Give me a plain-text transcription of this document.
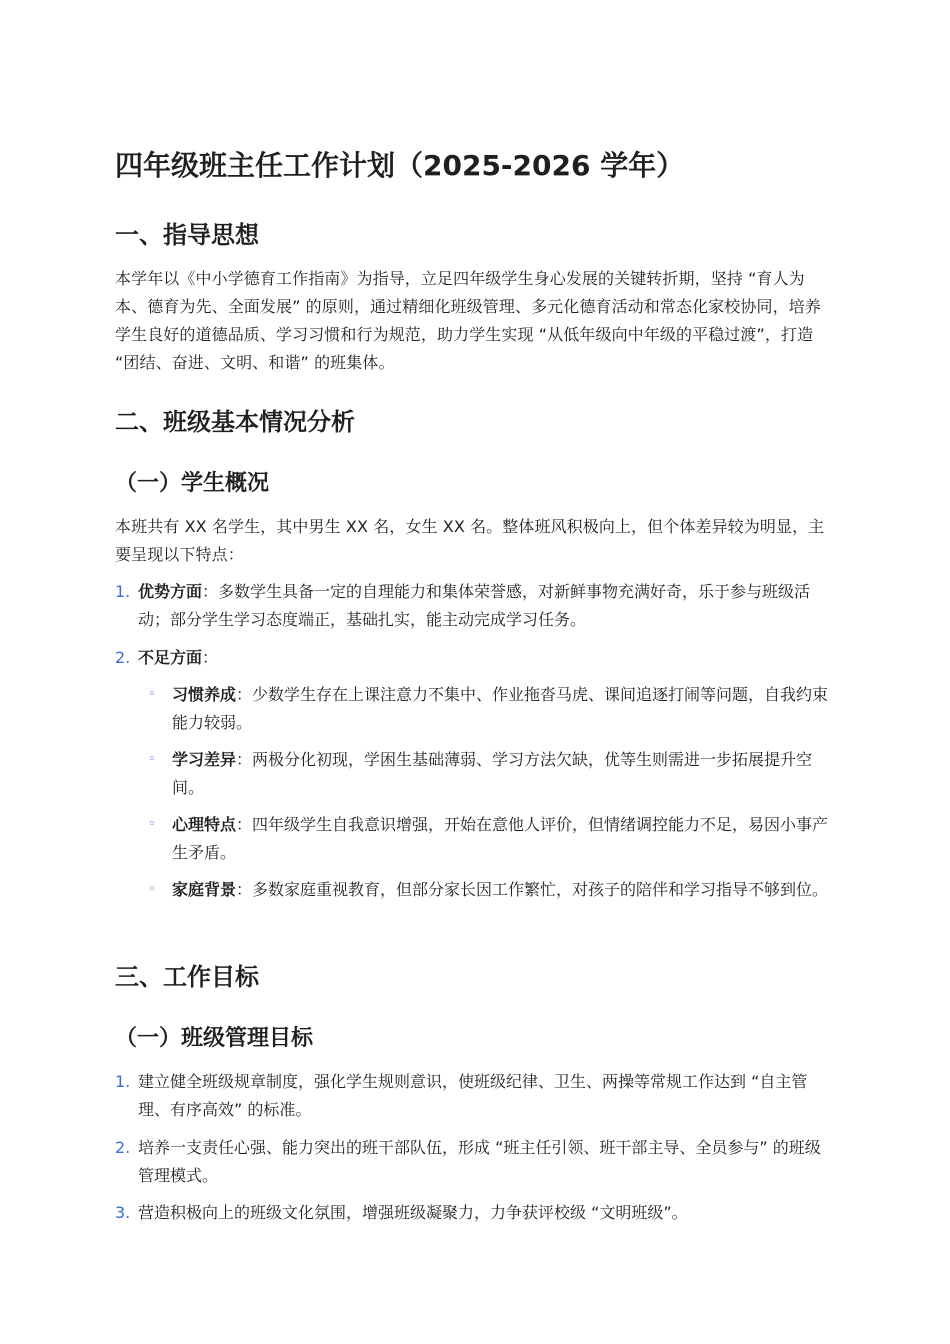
四年级班主任工作计划（2025-2026 学年）
一、指导思想

本学年以《中小学德育工作指南》为指导，立足四年级学生身心发展的关键转折期，坚持 “育人为本、德育为先、全面发展” 的原则，通过精细化班级管理、多元化德育活动和常态化家校协同，培养学生良好的道德品质、学习习惯和行为规范，助力学生实现 “从低年级向中年级的平稳过渡”，打造 “团结、奋进、文明、和谐” 的班集体。

二、班级基本情况分析
（一）学生概况

本班共有 XX 名学生，其中男生 XX 名，女生 XX 名。整体班风积极向上，但个体差异较为明显，主要呈现以下特点：

1. 优势方面：多数学生具备一定的自理能力和集体荣誉感，对新鲜事物充满好奇，乐于参与班级活动；部分学生学习态度端正，基础扎实，能主动完成学习任务。
2. 不足方面：
◦ 习惯养成：少数学生存在上课注意力不集中、作业拖沓马虎、课间追逐打闹等问题，自我约束能力较弱。
◦ 学习差异：两极分化初现，学困生基础薄弱、学习方法欠缺，优等生则需进一步拓展提升空间。
◦ 心理特点：四年级学生自我意识增强，开始在意他人评价，但情绪调控能力不足，易因小事产生矛盾。
◦ 家庭背景：多数家庭重视教育，但部分家长因工作繁忙，对孩子的陪伴和学习指导不够到位。
三、工作目标
（一）班级管理目标
1. 建立健全班级规章制度，强化学生规则意识，使班级纪律、卫生、两操等常规工作达到 “自主管理、有序高效” 的标准。
2. 培养一支责任心强、能力突出的班干部队伍，形成 “班主任引领、班干部主导、全员参与” 的班级管理模式。
3. 营造积极向上的班级文化氛围，增强班级凝聚力，力争获评校级 “文明班级”。
